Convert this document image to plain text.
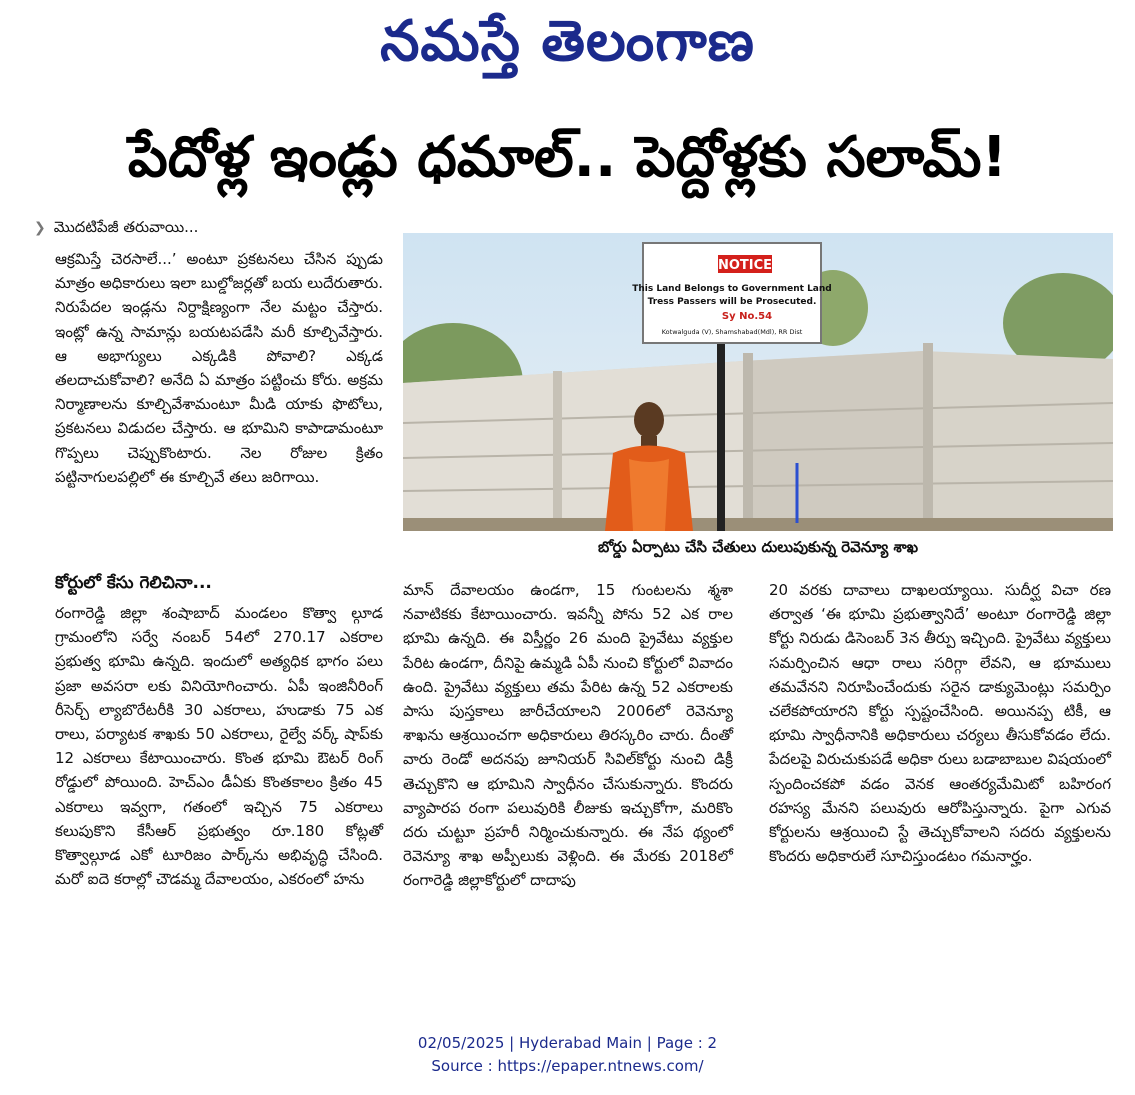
నమస్తే తెలంగాణ
పేదోళ్ల ఇండ్లు ధమాల్.. పెద్దోళ్లకు సలామ్!
❯ మొదటిపేజీ తరువాయి...
ఆక్రమిస్తే చెరసాలే...’ అంటూ ప్రకటనలు చేసిన ప్పుడు మాత్రం అధికారులు ఇలా బుల్డోజర్లతో బయ లుదేరుతారు. నిరుపేదల ఇండ్లను నిర్దాక్షిణ్యంగా నేల మట్టం చేస్తారు. ఇంట్లో ఉన్న సామాన్లు బయటపడేసి మరీ కూల్చివేస్తారు. ఆ అభాగ్యులు ఎక్కడికి పోవాలి? ఎక్కడ తలదాచుకోవాలి? అనేది ఏ మాత్రం పట్టించు కోరు. అక్రమ నిర్మాణాలను కూల్చివేశామంటూ మీడి యాకు ఫొటోలు, ప్రకటనలు విడుదల చేస్తారు. ఆ భూమిని కాపాడామంటూ గొప్పలు చెప్పుకొంటారు. నెల రోజుల క్రితం పట్టినాగులపల్లిలో ఈ కూల్చివే తలు జరిగాయి.
NOTICE
This Land Belongs to Government Land
Tress Passers will be Prosecuted.
Sy No.54
Kotwalguda (V), Shamshabad(Mdl), RR Dist
బోర్డు ఏర్పాటు చేసి చేతులు దులుపుకున్న రెవెన్యూ శాఖ
కోర్టులో కేసు గెలిచినా...
రంగారెడ్డి జిల్లా శంషాబాద్ మండలం కొత్వా ల్గూడ గ్రామంలోని సర్వే నంబర్ 54లో 270.17 ఎకరాల ప్రభుత్వ భూమి ఉన్నది. ఇందులో అత్యధిక భాగం పలు ప్రజా అవసరా లకు వినియోగించారు. ఏపీ ఇంజినీరింగ్ రీసెర్చ్ ల్యాబొరేటరీకి 30 ఎకరాలు, హుడాకు 75 ఎక రాలు, పర్యాటక శాఖకు 50 ఎకరాలు, రైల్వే వర్క్ షాప్‌కు 12 ఎకరాలు కేటాయించారు. కొంత భూమి ఔటర్ రింగ్ రోడ్డులో పోయింది. హెచ్‌ఎం డీఏకు కొంతకాలం క్రితం 45 ఎకరాలు ఇవ్వగా, గతంలో ఇచ్చిన 75 ఎకరాలు కలుపుకొని కేసీఆర్ ప్రభుత్వం రూ.180 కోట్లతో కొత్వాల్గూడ ఎకో టూరిజం పార్క్‌ను అభివృద్ధి చేసింది. మరో ఐదె కరాల్లో చౌడమ్మ దేవాలయం, ఎకరంలో హను
మాన్ దేవాలయం ఉండగా, 15 గుంటలను శ్మశా నవాటికకు కేటాయించారు. ఇవన్నీ పోను 52 ఎక రాల భూమి ఉన్నది. ఈ విస్తీర్ణం 26 మంది ప్రైవేటు వ్యక్తుల పేరిట ఉండగా, దీనిపై ఉమ్మడి ఏపీ నుంచి కోర్టులో వివాదం ఉంది. ప్రైవేటు వ్యక్తులు తమ పేరిట ఉన్న 52 ఎకరాలకు పాసు పుస్తకాలు జారీచేయాలని 2006లో రెవెన్యూ శాఖను ఆశ్రయించగా అధికారులు తిరస్కరిం చారు. దీంతో వారు రెండో అదనపు జూనియర్ సివిల్‌కోర్టు నుంచి డిక్రీ తెచ్చుకొని ఆ భూమిని స్వాధీనం చేసుకున్నారు. కొందరు వ్యాపారప రంగా పలువురికి లీజుకు ఇచ్చుకోగా, మరికొం దరు చుట్టూ ప్రహరీ నిర్మించుకున్నారు. ఈ నేప థ్యంలో రెవెన్యూ శాఖ అప్పీలుకు వెళ్లింది. ఈ మేరకు 2018లో రంగారెడ్డి జిల్లాకోర్టులో దాదాపు
20 వరకు దావాలు దాఖలయ్యాయి. సుదీర్ఘ విచా రణ తర్వాత ‘ఈ భూమి ప్రభుత్వానిదే’ అంటూ రంగారెడ్డి జిల్లా కోర్టు నిరుడు డిసెంబర్ 3న తీర్పు ఇచ్చింది. ప్రైవేటు వ్యక్తులు సమర్పించిన ఆధా రాలు సరిగ్గా లేవని, ఆ భూములు తమవేనని నిరూపించేందుకు సరైన డాక్యుమెంట్లు సమర్పిం చలేకపోయారని కోర్టు స్పష్టంచేసింది. అయినప్ప టికీ, ఆ భూమి స్వాధీనానికి అధికారులు చర్యలు తీసుకోవడం లేదు. పేదలపై విరుచుకుపడే అధికా రులు బడాబాబుల విషయంలో స్పందించకపో వడం వెనక ఆంతర్యమేమిటో బహిరంగ రహస్య మేనని పలువురు ఆరోపిస్తున్నారు. పైగా ఎగువ కోర్టులను ఆశ్రయించి స్టే తెచ్చుకోవాలని సదరు వ్యక్తులను కొందరు అధికారులే సూచిస్తుండటం గమనార్హం.
02/05/2025 | Hyderabad Main | Page : 2
Source : https://epaper.ntnews.com/
